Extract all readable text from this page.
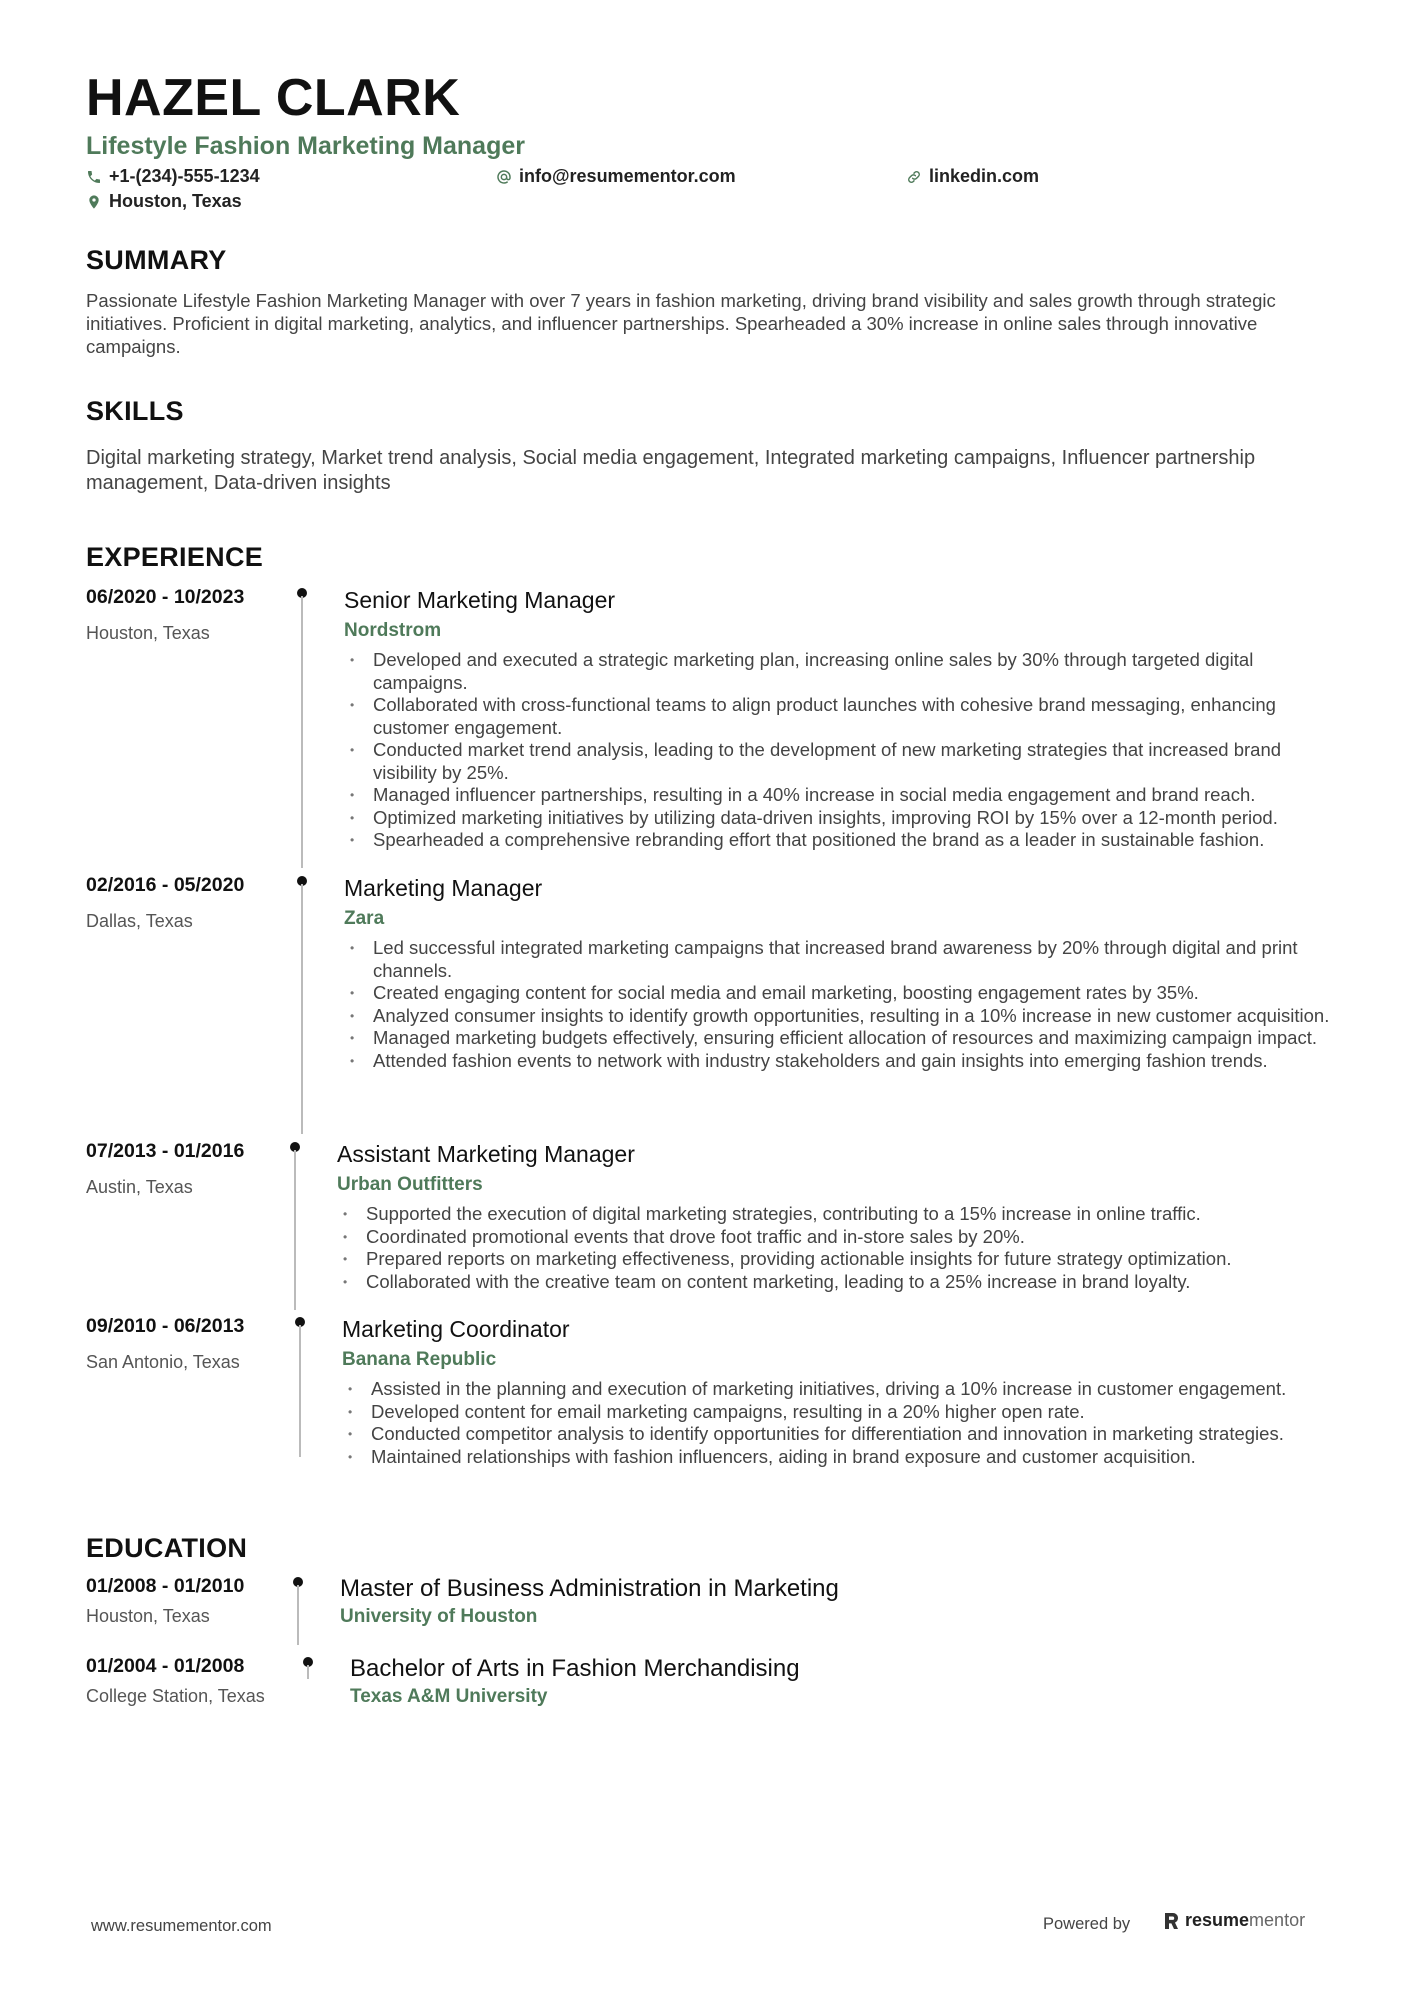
HAZEL CLARK
Lifestyle Fashion Marketing Manager
+1-(234)-555-1234	info@resumementor.com	linkedin.com
Houston, Texas
SUMMARY
Passionate Lifestyle Fashion Marketing Manager with over 7 years in fashion marketing, driving brand visibility and sales growth through strategic initiatives. Proficient in digital marketing, analytics, and influencer partnerships. Spearheaded a 30% increase in online sales through innovative campaigns.
SKILLS
Digital marketing strategy, Market trend analysis, Social media engagement, Integrated marketing campaigns, Influencer partnership management, Data-driven insights
EXPERIENCE
06/2020 - 10/2023
Houston, Texas
Senior Marketing Manager
Nordstrom
• Developed and executed a strategic marketing plan, increasing online sales by 30% through targeted digital campaigns.
• Collaborated with cross-functional teams to align product launches with cohesive brand messaging, enhancing customer engagement.
• Conducted market trend analysis, leading to the development of new marketing strategies that increased brand visibility by 25%.
• Managed influencer partnerships, resulting in a 40% increase in social media engagement and brand reach.
• Optimized marketing initiatives by utilizing data-driven insights, improving ROI by 15% over a 12-month period.
• Spearheaded a comprehensive rebranding effort that positioned the brand as a leader in sustainable fashion.
02/2016 - 05/2020
Dallas, Texas
Marketing Manager
Zara
• Led successful integrated marketing campaigns that increased brand awareness by 20% through digital and print channels.
• Created engaging content for social media and email marketing, boosting engagement rates by 35%.
• Analyzed consumer insights to identify growth opportunities, resulting in a 10% increase in new customer acquisition.
• Managed marketing budgets effectively, ensuring efficient allocation of resources and maximizing campaign impact.
• Attended fashion events to network with industry stakeholders and gain insights into emerging fashion trends.
07/2013 - 01/2016
Austin, Texas
Assistant Marketing Manager
Urban Outfitters
• Supported the execution of digital marketing strategies, contributing to a 15% increase in online traffic.
• Coordinated promotional events that drove foot traffic and in-store sales by 20%.
• Prepared reports on marketing effectiveness, providing actionable insights for future strategy optimization.
• Collaborated with the creative team on content marketing, leading to a 25% increase in brand loyalty.
09/2010 - 06/2013
San Antonio, Texas
Marketing Coordinator
Banana Republic
• Assisted in the planning and execution of marketing initiatives, driving a 10% increase in customer engagement.
• Developed content for email marketing campaigns, resulting in a 20% higher open rate.
• Conducted competitor analysis to identify opportunities for differentiation and innovation in marketing strategies.
• Maintained relationships with fashion influencers, aiding in brand exposure and customer acquisition.
EDUCATION
01/2008 - 01/2010
Houston, Texas
Master of Business Administration in Marketing
University of Houston
01/2004 - 01/2008
College Station, Texas
Bachelor of Arts in Fashion Merchandising
Texas A&M University
www.resumementor.com	Powered by	resumementor
